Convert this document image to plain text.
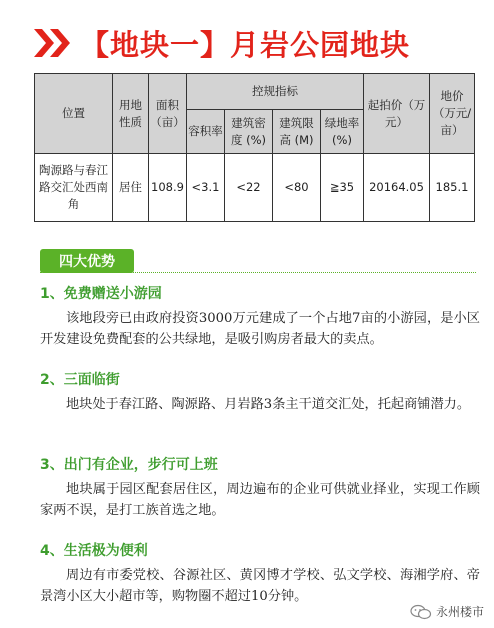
【地块一】月岩公园地块
位置	用地性质	面积（亩）	控规指标				起拍价（万元）	地价（万元/亩）
			容积率	建筑密度 (%)	建筑限高 (M)	绿地率 (%)		
陶源路与春江路交汇处西南角	居住	108.9	<3.1	<22	<80	≧35	20164.05	185.1
四大优势
1、免费赠送小游园

该地段旁已由政府投资3000万元建成了一个占地7亩的小游园，是小区开发建设免费配套的公共绿地，是吸引购房者最大的卖点。

2、三面临街

地块处于春江路、陶源路、月岩路3条主干道交汇处，托起商铺潜力。

3、出门有企业，步行可上班

地块属于园区配套居住区，周边遍布的企业可供就业择业，实现工作顾家两不误，是打工族首选之地。

4、生活极为便利

周边有市委党校、谷源社区、黄冈博才学校、弘文学校、海湘学府、帝景湾小区大小超市等，购物圈不超过10分钟。

永州楼市
